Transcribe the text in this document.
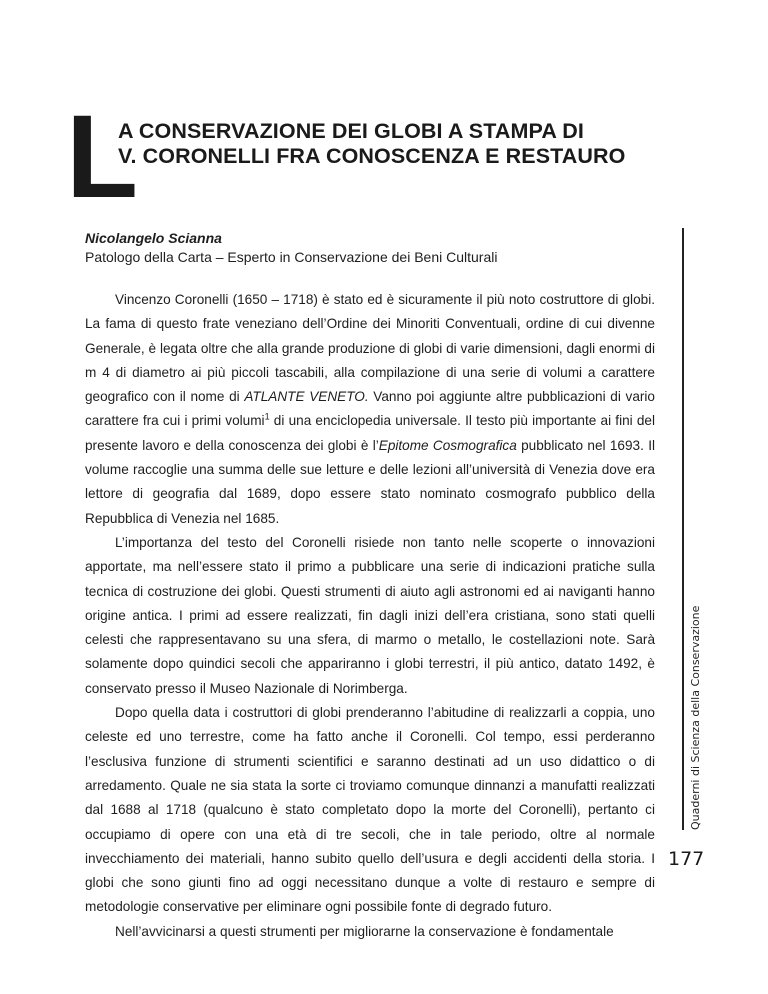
L
A CONSERVAZIONE DEI GLOBI A STAMPA DI
V. CORONELLI FRA CONOSCENZA E RESTAURO
Nicolangelo Scianna
Patologo della Carta – Esperto in Conservazione dei Beni Culturali

Vincenzo Coronelli (1650 – 1718) è stato ed è sicuramente il più noto costruttore di globi. La fama di questo frate veneziano dell’Ordine dei Minoriti Conventuali, ordine di cui divenne Generale, è legata oltre che alla grande produzione di globi di varie dimensioni, dagli enormi di m 4 di diametro ai più piccoli tascabili, alla compilazione di una serie di volumi a carattere geografico con il nome di ATLANTE VENETO. Vanno poi aggiunte altre pubblicazioni di vario carattere fra cui i primi volumi$^1$ di una enciclopedia universale. Il testo più importante ai fini del presente lavoro e della conoscenza dei globi è l’Epitome Cosmografica pubblicato nel 1693. Il volume raccoglie una summa delle sue letture e delle lezioni all’università di Venezia dove era lettore di geografia dal 1689, dopo essere stato nominato cosmografo pubblico della Repubblica di Venezia nel 1685.

L’importanza del testo del Coronelli risiede non tanto nelle scoperte o innovazioni apportate, ma nell’essere stato il primo a pubblicare una serie di indicazioni pratiche sulla tecnica di costruzione dei globi. Questi strumenti di aiuto agli astronomi ed ai naviganti hanno origine antica. I primi ad essere realizzati, fin dagli inizi dell’era cristiana, sono stati quelli celesti che rappresentavano su una sfera, di marmo o metallo, le costellazioni note. Sarà solamente dopo quindici secoli che appariranno i globi terrestri, il più antico, datato 1492, è conservato presso il Museo Nazionale di Norimberga.

Dopo quella data i costruttori di globi prenderanno l’abitudine di realizzarli a coppia, uno celeste ed uno terrestre, come ha fatto anche il Coronelli. Col tempo, essi perderanno l’esclusiva funzione di strumenti scientifici e saranno destinati ad un uso didattico o di arredamento. Quale ne sia stata la sorte ci troviamo comunque dinnanzi a manufatti realizzati dal 1688 al 1718 (qualcuno è stato completato dopo la morte del Coronelli), pertanto ci occupiamo di opere con una età di tre secoli, che in tale periodo, oltre al normale invecchiamento dei materiali, hanno subito quello dell’usura e degli accidenti della storia. I globi che sono giunti fino ad oggi necessitano dunque a volte di restauro e sempre di metodologie conservative per eliminare ogni possibile fonte di degrado futuro.

Nell’avvicinarsi a questi strumenti per migliorarne la conservazione è fondamentale

Quaderni di Scienza della Conservazione
177
